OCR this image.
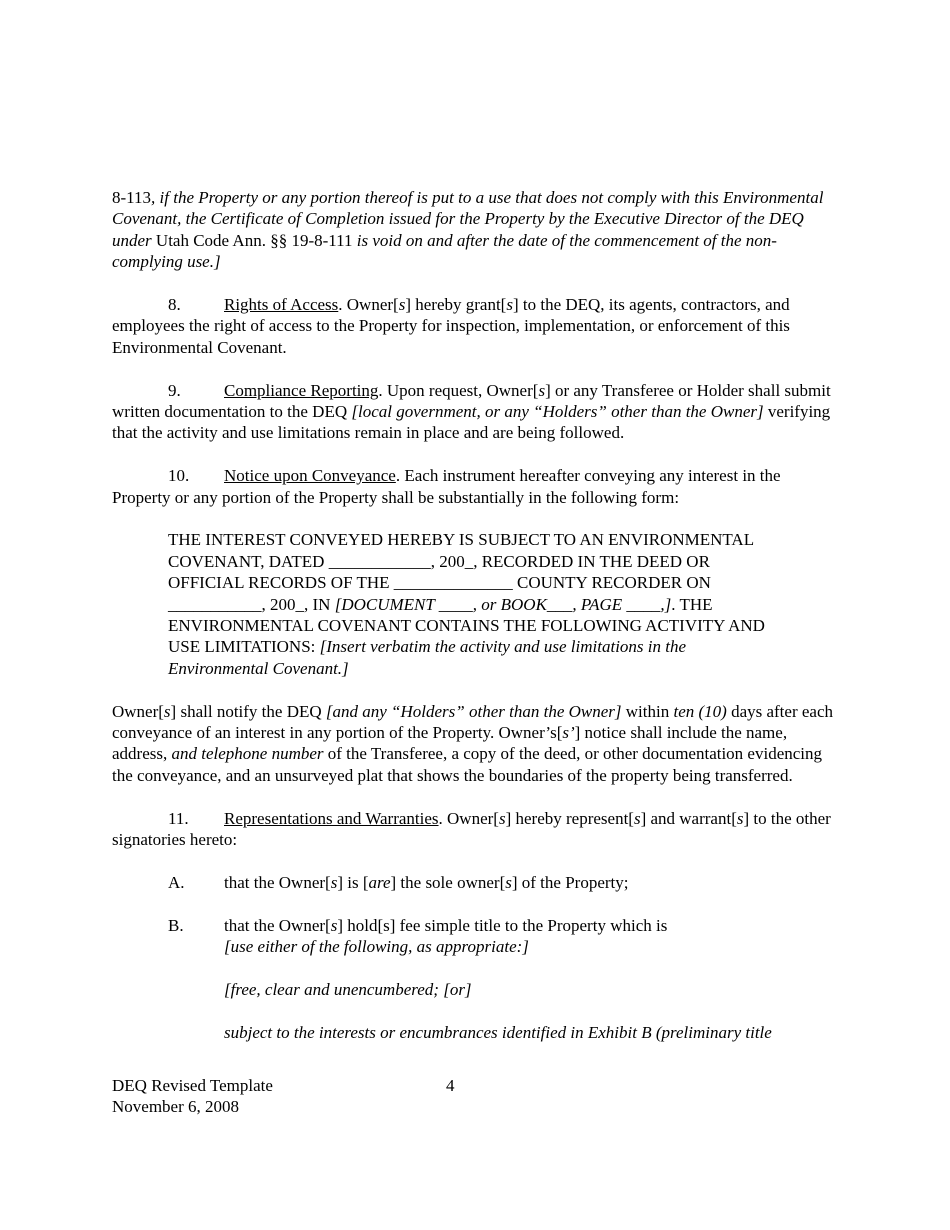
8-113, if the Property or any portion thereof is put to a use that does not comply with this Environmental Covenant, the Certificate of Completion issued for the Property by the Executive Director of the DEQ under Utah Code Ann. §§ 19-8-111 is void on and after the date of the commencement of the non-complying use.]

8.	Rights of Access. Owner[s] hereby grant[s] to the DEQ, its agents, contractors, and employees the right of access to the Property for inspection, implementation, or enforcement of this Environmental Covenant.

9.	Compliance Reporting. Upon request, Owner[s] or any Transferee or Holder shall submit written documentation to the DEQ [local government, or any “Holders” other than the Owner] verifying that the activity and use limitations remain in place and are being followed.

10. Notice upon Conveyance. Each instrument hereafter conveying any interest in the Property or any portion of the Property shall be substantially in the following form:

THE INTEREST CONVEYED HEREBY IS SUBJECT TO AN ENVIRONMENTAL COVENANT, DATED ____________, 200_, RECORDED IN THE DEED OR OFFICIAL RECORDS OF THE ______________ COUNTY RECORDER ON ___________, 200_, IN [DOCUMENT ____, or BOOK___, PAGE ____,]. THE ENVIRONMENTAL COVENANT CONTAINS THE FOLLOWING ACTIVITY AND USE LIMITATIONS: [Insert verbatim the activity and use limitations in the Environmental Covenant.]

Owner[s] shall notify the DEQ [and any “Holders” other than the Owner] within ten (10) days after each conveyance of an interest in any portion of the Property. Owner’s[s’] notice shall include the name, address, and telephone number of the Transferee, a copy of the deed, or other documentation evidencing the conveyance, and an unsurveyed plat that shows the boundaries of the property being transferred.

11. Representations and Warranties. Owner[s] hereby represent[s] and warrant[s] to the other signatories hereto:

A.	that the Owner[s] is [are] the sole owner[s] of the Property;
B.	that the Owner[s] hold[s] fee simple title to the Property which is
[use either of the following, as appropriate:]

[free, clear and unencumbered; [or]

subject to the interests or encumbrances identified in Exhibit B (preliminary title

DEQ Revised Template
November 6, 2008
4
